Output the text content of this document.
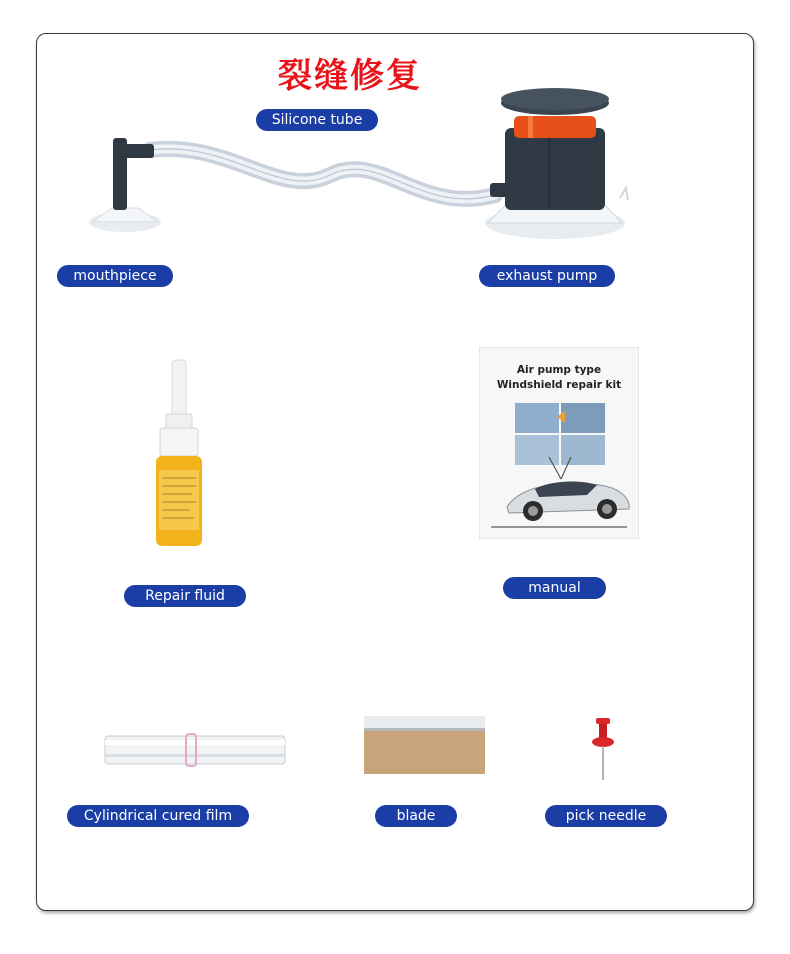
裂缝修复
Silicone tube
mouthpiece	exhaust pump
Air pump type
Windshield repair kit
Repair fluid	manual
Cylindrical cured film	blade	pick needle
